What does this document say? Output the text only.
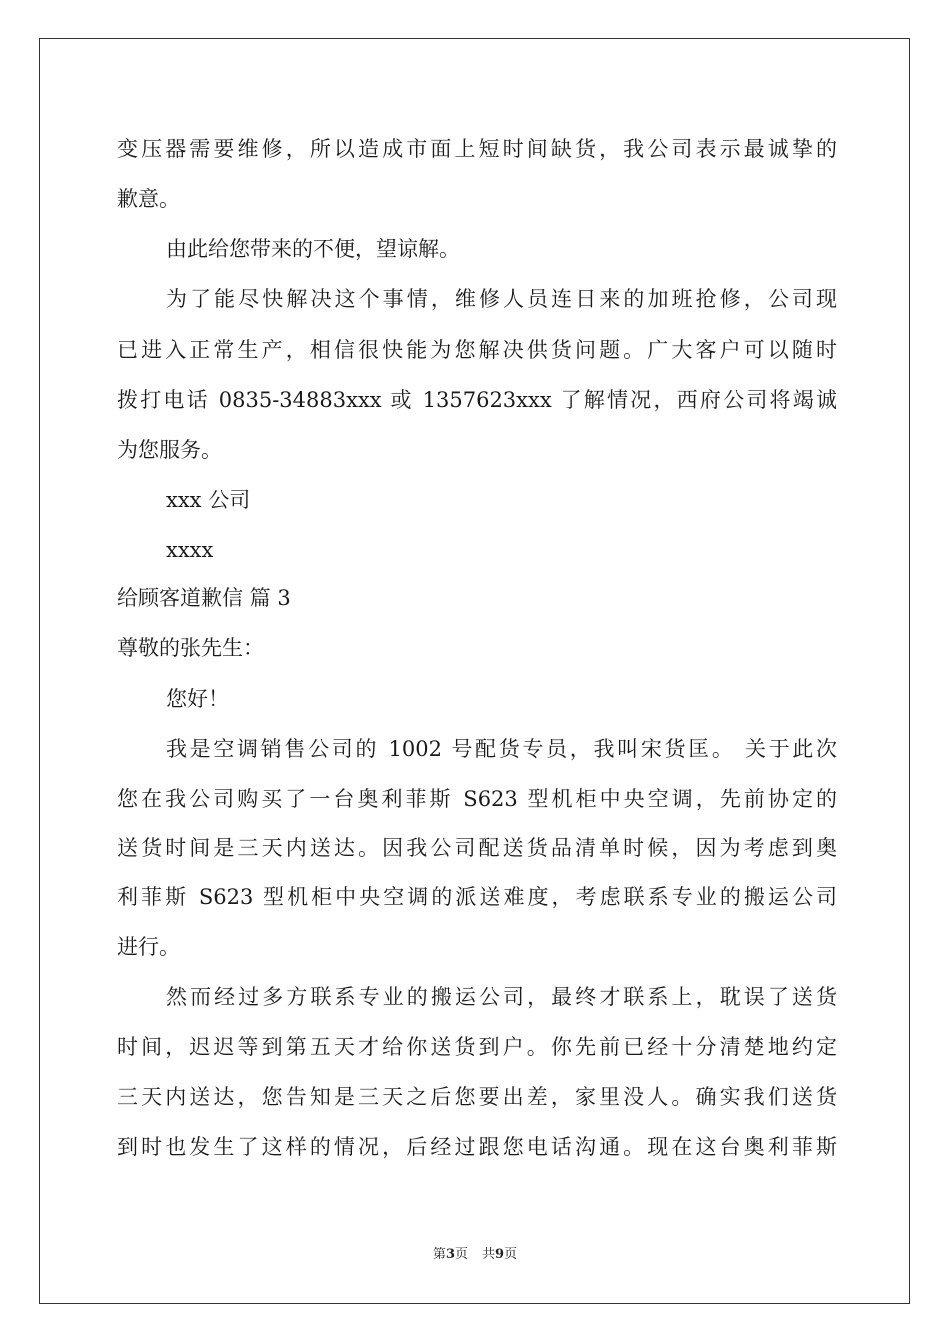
变压器需要维修，所以造成市面上短时间缺货，我公司表示最诚挚的
歉意。
由此给您带来的不便，望谅解。
为了能尽快解决这个事情，维修人员连日来的加班抢修，公司现
已进入正常生产，相信很快能为您解决供货问题。广大客户可以随时
拨打电话 0835-34883xxx 或 1357623xxx 了解情况，西府公司将竭诚
为您服务。
xxx 公司
xxxx
给顾客道歉信 篇 3
尊敬的张先生：
您好！
我是空调销售公司的 1002 号配货专员，我叫宋货匡。 关于此次
您在我公司购买了一台奥利菲斯 S623 型机柜中央空调，先前协定的
送货时间是三天内送达。因我公司配送货品清单时候，因为考虑到奥
利菲斯 S623 型机柜中央空调的派送难度，考虑联系专业的搬运公司
进行。
然而经过多方联系专业的搬运公司，最终才联系上，耽误了送货
时间，迟迟等到第五天才给你送货到户。你先前已经十分清楚地约定
三天内送达，您告知是三天之后您要出差，家里没人。确实我们送货
到时也发生了这样的情况，后经过跟您电话沟通。现在这台奥利菲斯
第3页 共9页
